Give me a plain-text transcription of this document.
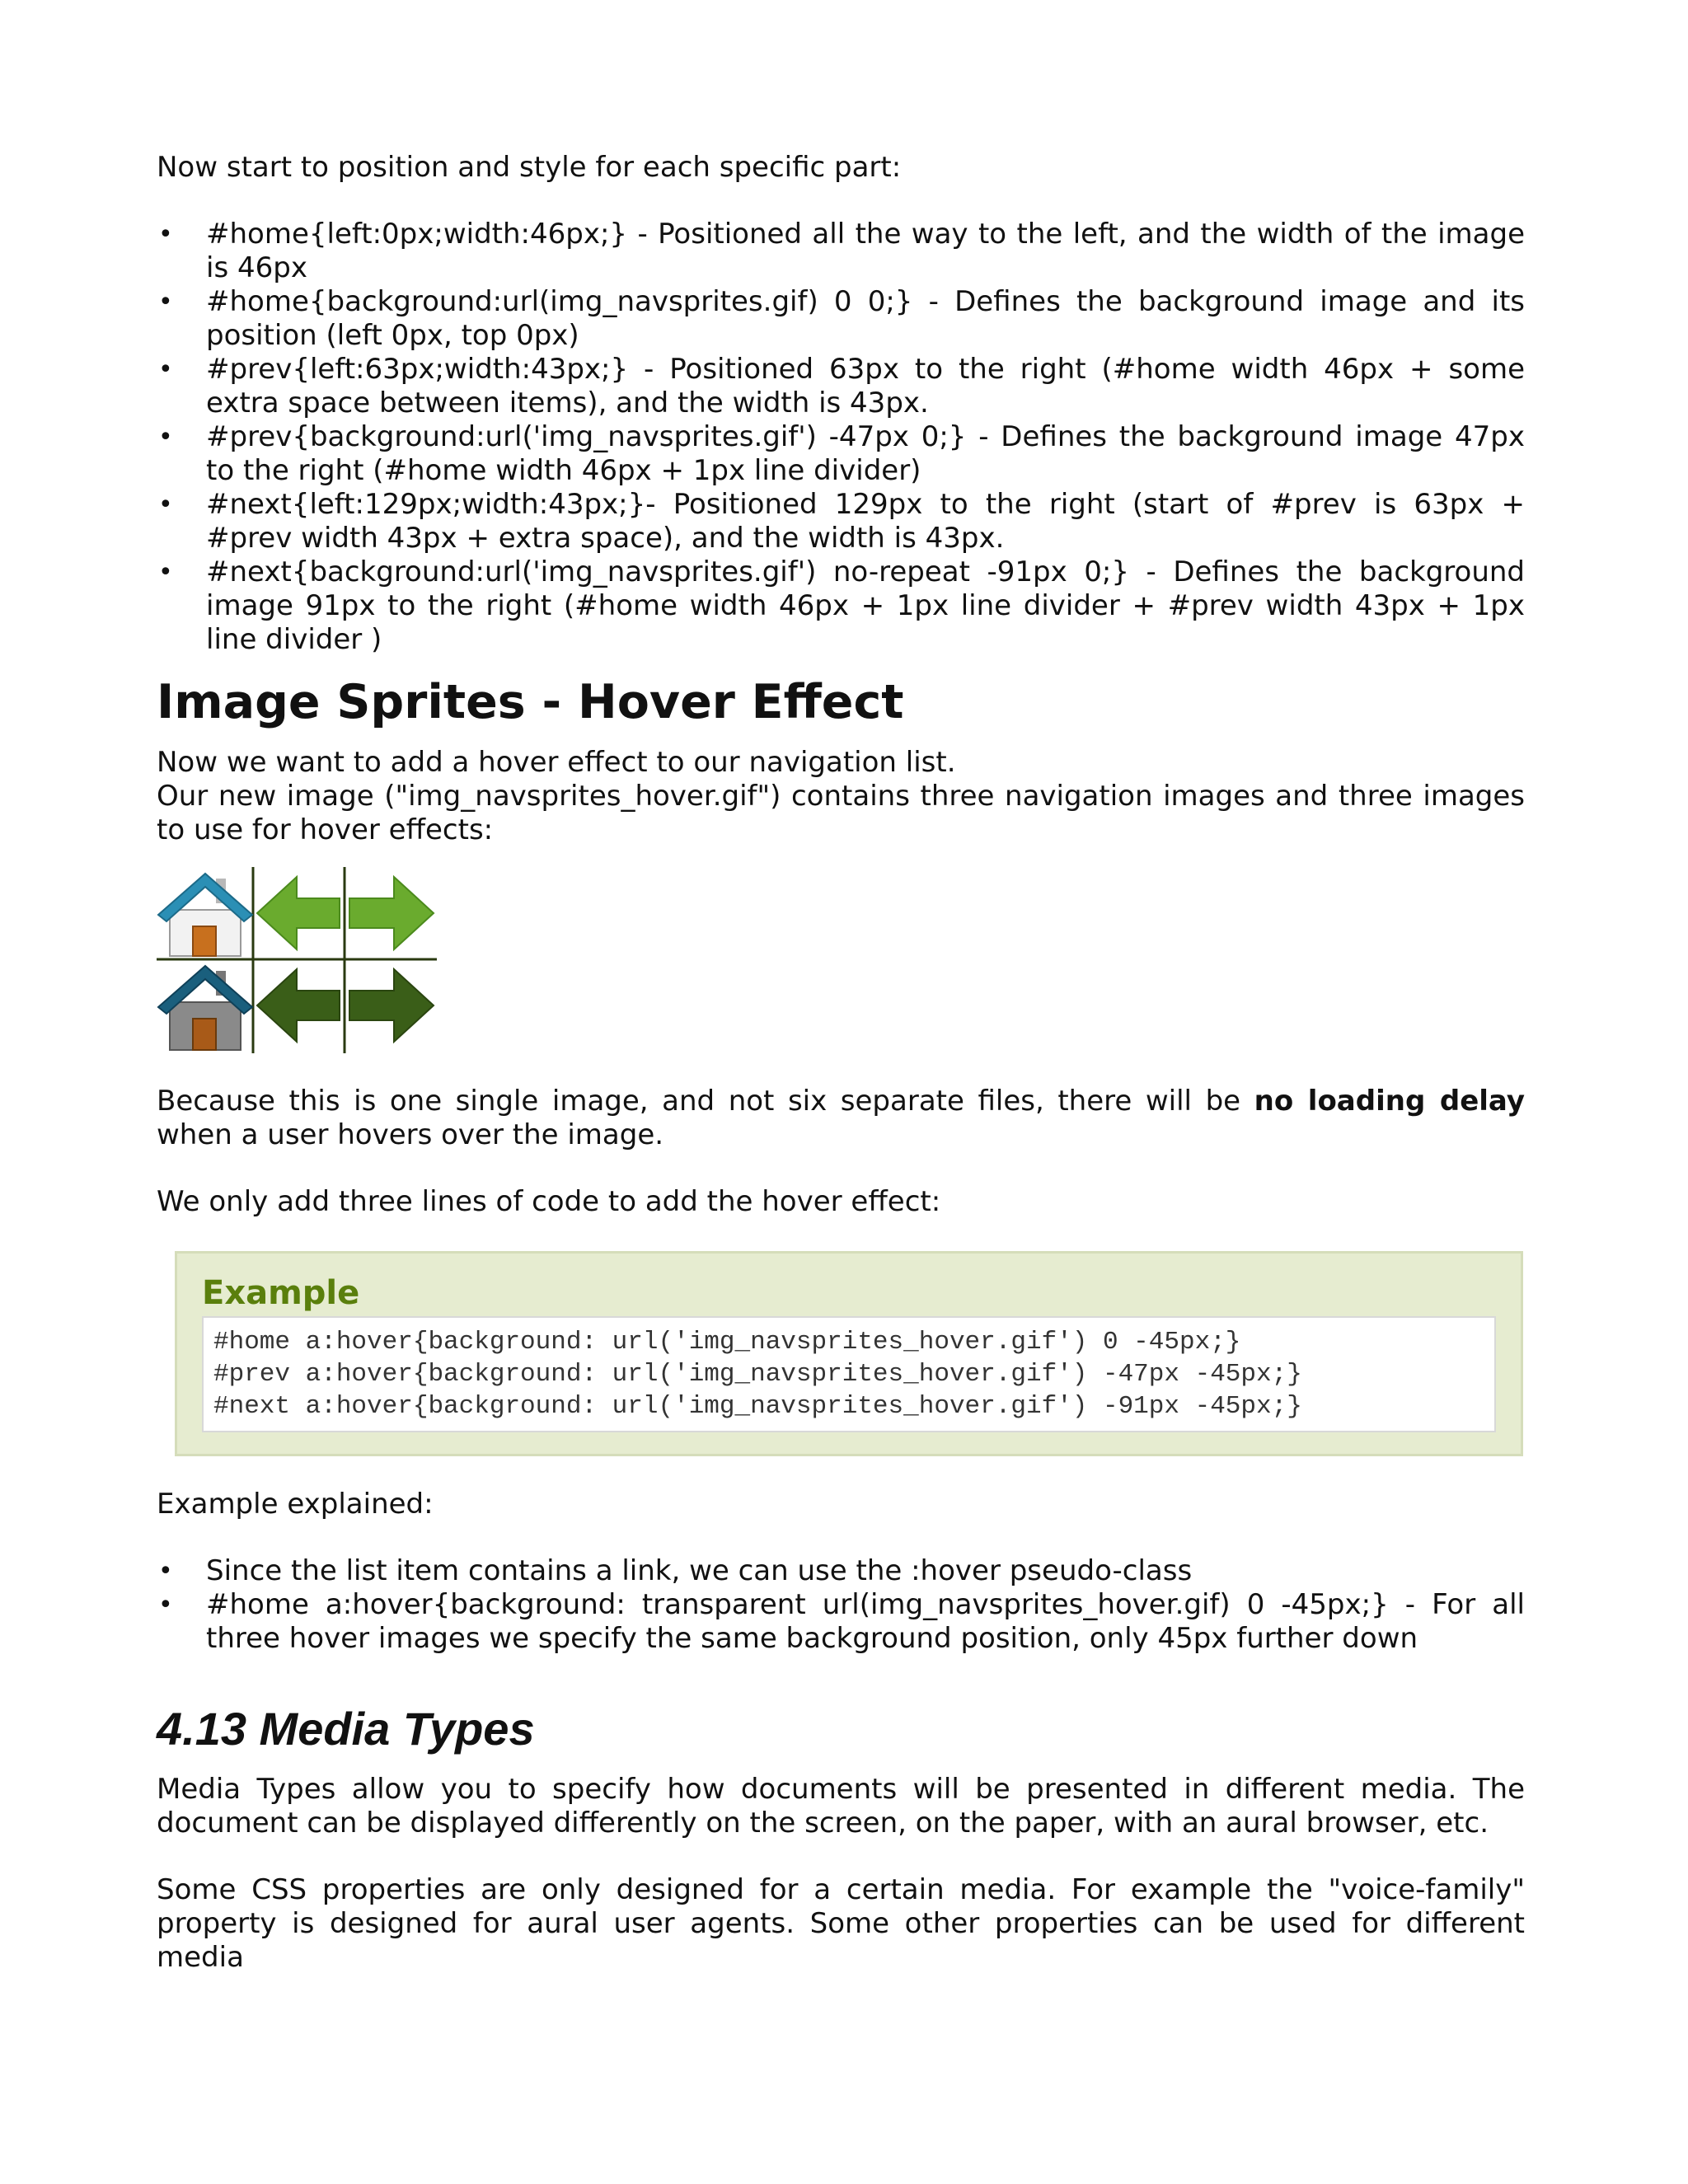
Now start to position and style for each specific part:

• #home{left:0px;width:46px;} - Positioned all the way to the left, and the width of the image is 46px
• #home{background:url(img_navsprites.gif) 0 0;} - Defines the background image and its position (left 0px, top 0px)
• #prev{left:63px;width:43px;} - Positioned 63px to the right (#home width 46px + some extra space between items), and the width is 43px.
• #prev{background:url('img_navsprites.gif') -47px 0;} - Defines the background image 47px to the right (#home width 46px + 1px line divider)
• #next{left:129px;width:43px;}- Positioned 129px to the right (start of #prev is 63px + #prev width 43px + extra space), and the width is 43px.
• #next{background:url('img_navsprites.gif') no-repeat -91px 0;} - Defines the background image 91px to the right (#home width 46px + 1px line divider + #prev width 43px + 1px line divider )
Image Sprites - Hover Effect

Now we want to add a hover effect to our navigation list.

Our new image ("img_navsprites_hover.gif") contains three navigation images and three images to use for hover effects:

Because this is one single image, and not six separate files, there will be no loading delay when a user hovers over the image.

We only add three lines of code to add the hover effect:

Example
#home a:hover{background: url('img_navsprites_hover.gif') 0 -45px;}
#prev a:hover{background: url('img_navsprites_hover.gif') -47px -45px;}
#next a:hover{background: url('img_navsprites_hover.gif') -91px -45px;}

Example explained:

• Since the list item contains a link, we can use the :hover pseudo-class
• #home a:hover{background: transparent url(img_navsprites_hover.gif) 0 -45px;} - For all three hover images we specify the same background position, only 45px further down
4.13 Media Types

Media Types allow you to specify how documents will be presented in different media. The document can be displayed differently on the screen, on the paper, with an aural browser, etc.

Some CSS properties are only designed for a certain media. For example the "voice-family" property is designed for aural user agents. Some other properties can be used for different media
